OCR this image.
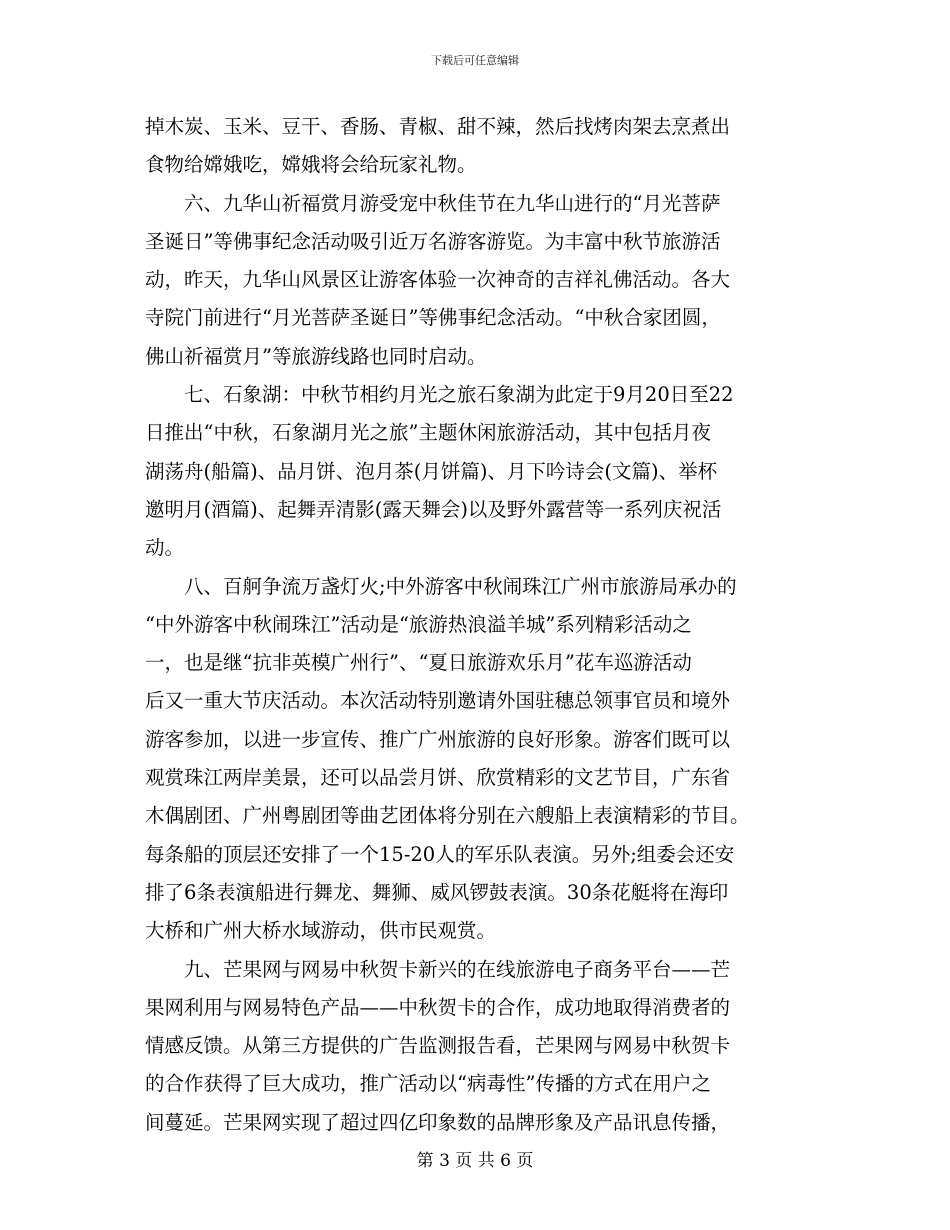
下载后可任意编辑
掉木炭、玉米、豆干、香肠、青椒、甜不辣，然后找烤肉架去烹煮出
食物给嫦娥吃，嫦娥将会给玩家礼物。
　　六、九华山祈福赏月游受宠中秋佳节在九华山进行的“月光菩萨
圣诞日”等佛事纪念活动吸引近万名游客游览。为丰富中秋节旅游活
动，昨天，九华山风景区让游客体验一次神奇的吉祥礼佛活动。各大
寺院门前进行“月光菩萨圣诞日”等佛事纪念活动。“中秋合家团圆，
佛山祈福赏月”等旅游线路也同时启动。
　　七、石象湖：中秋节相约月光之旅石象湖为此定于9月20日至22
日推出“中秋，石象湖月光之旅”主题休闲旅游活动，其中包括月夜
湖荡舟(船篇)、品月饼、泡月茶(月饼篇)、月下吟诗会(文篇)、举杯
邀明月(酒篇)、起舞弄清影(露天舞会)以及野外露营等一系列庆祝活
动。
　　八、百舸争流万盏灯火;中外游客中秋闹珠江广州市旅游局承办的
“中外游客中秋闹珠江”活动是“旅游热浪溢羊城”系列精彩活动之
一，也是继“抗非英模广州行”、“夏日旅游欢乐月”花车巡游活动
后又一重大节庆活动。本次活动特别邀请外国驻穗总领事官员和境外
游客参加，以进一步宣传、推广广州旅游的良好形象。游客们既可以
观赏珠江两岸美景，还可以品尝月饼、欣赏精彩的文艺节目，广东省
木偶剧团、广州粤剧团等曲艺团体将分别在六艘船上表演精彩的节目。
每条船的顶层还安排了一个15-20人的军乐队表演。另外;组委会还安
排了6条表演船进行舞龙、舞狮、威风锣鼓表演。30条花艇将在海印
大桥和广州大桥水域游动，供市民观赏。
　　九、芒果网与网易中秋贺卡新兴的在线旅游电子商务平台——芒
果网利用与网易特色产品——中秋贺卡的合作，成功地取得消费者的
情感反馈。从第三方提供的广告监测报告看，芒果网与网易中秋贺卡
的合作获得了巨大成功，推广活动以“病毒性”传播的方式在用户之
间蔓延。芒果网实现了超过四亿印象数的品牌形象及产品讯息传播，
第 3 页 共 6 页
